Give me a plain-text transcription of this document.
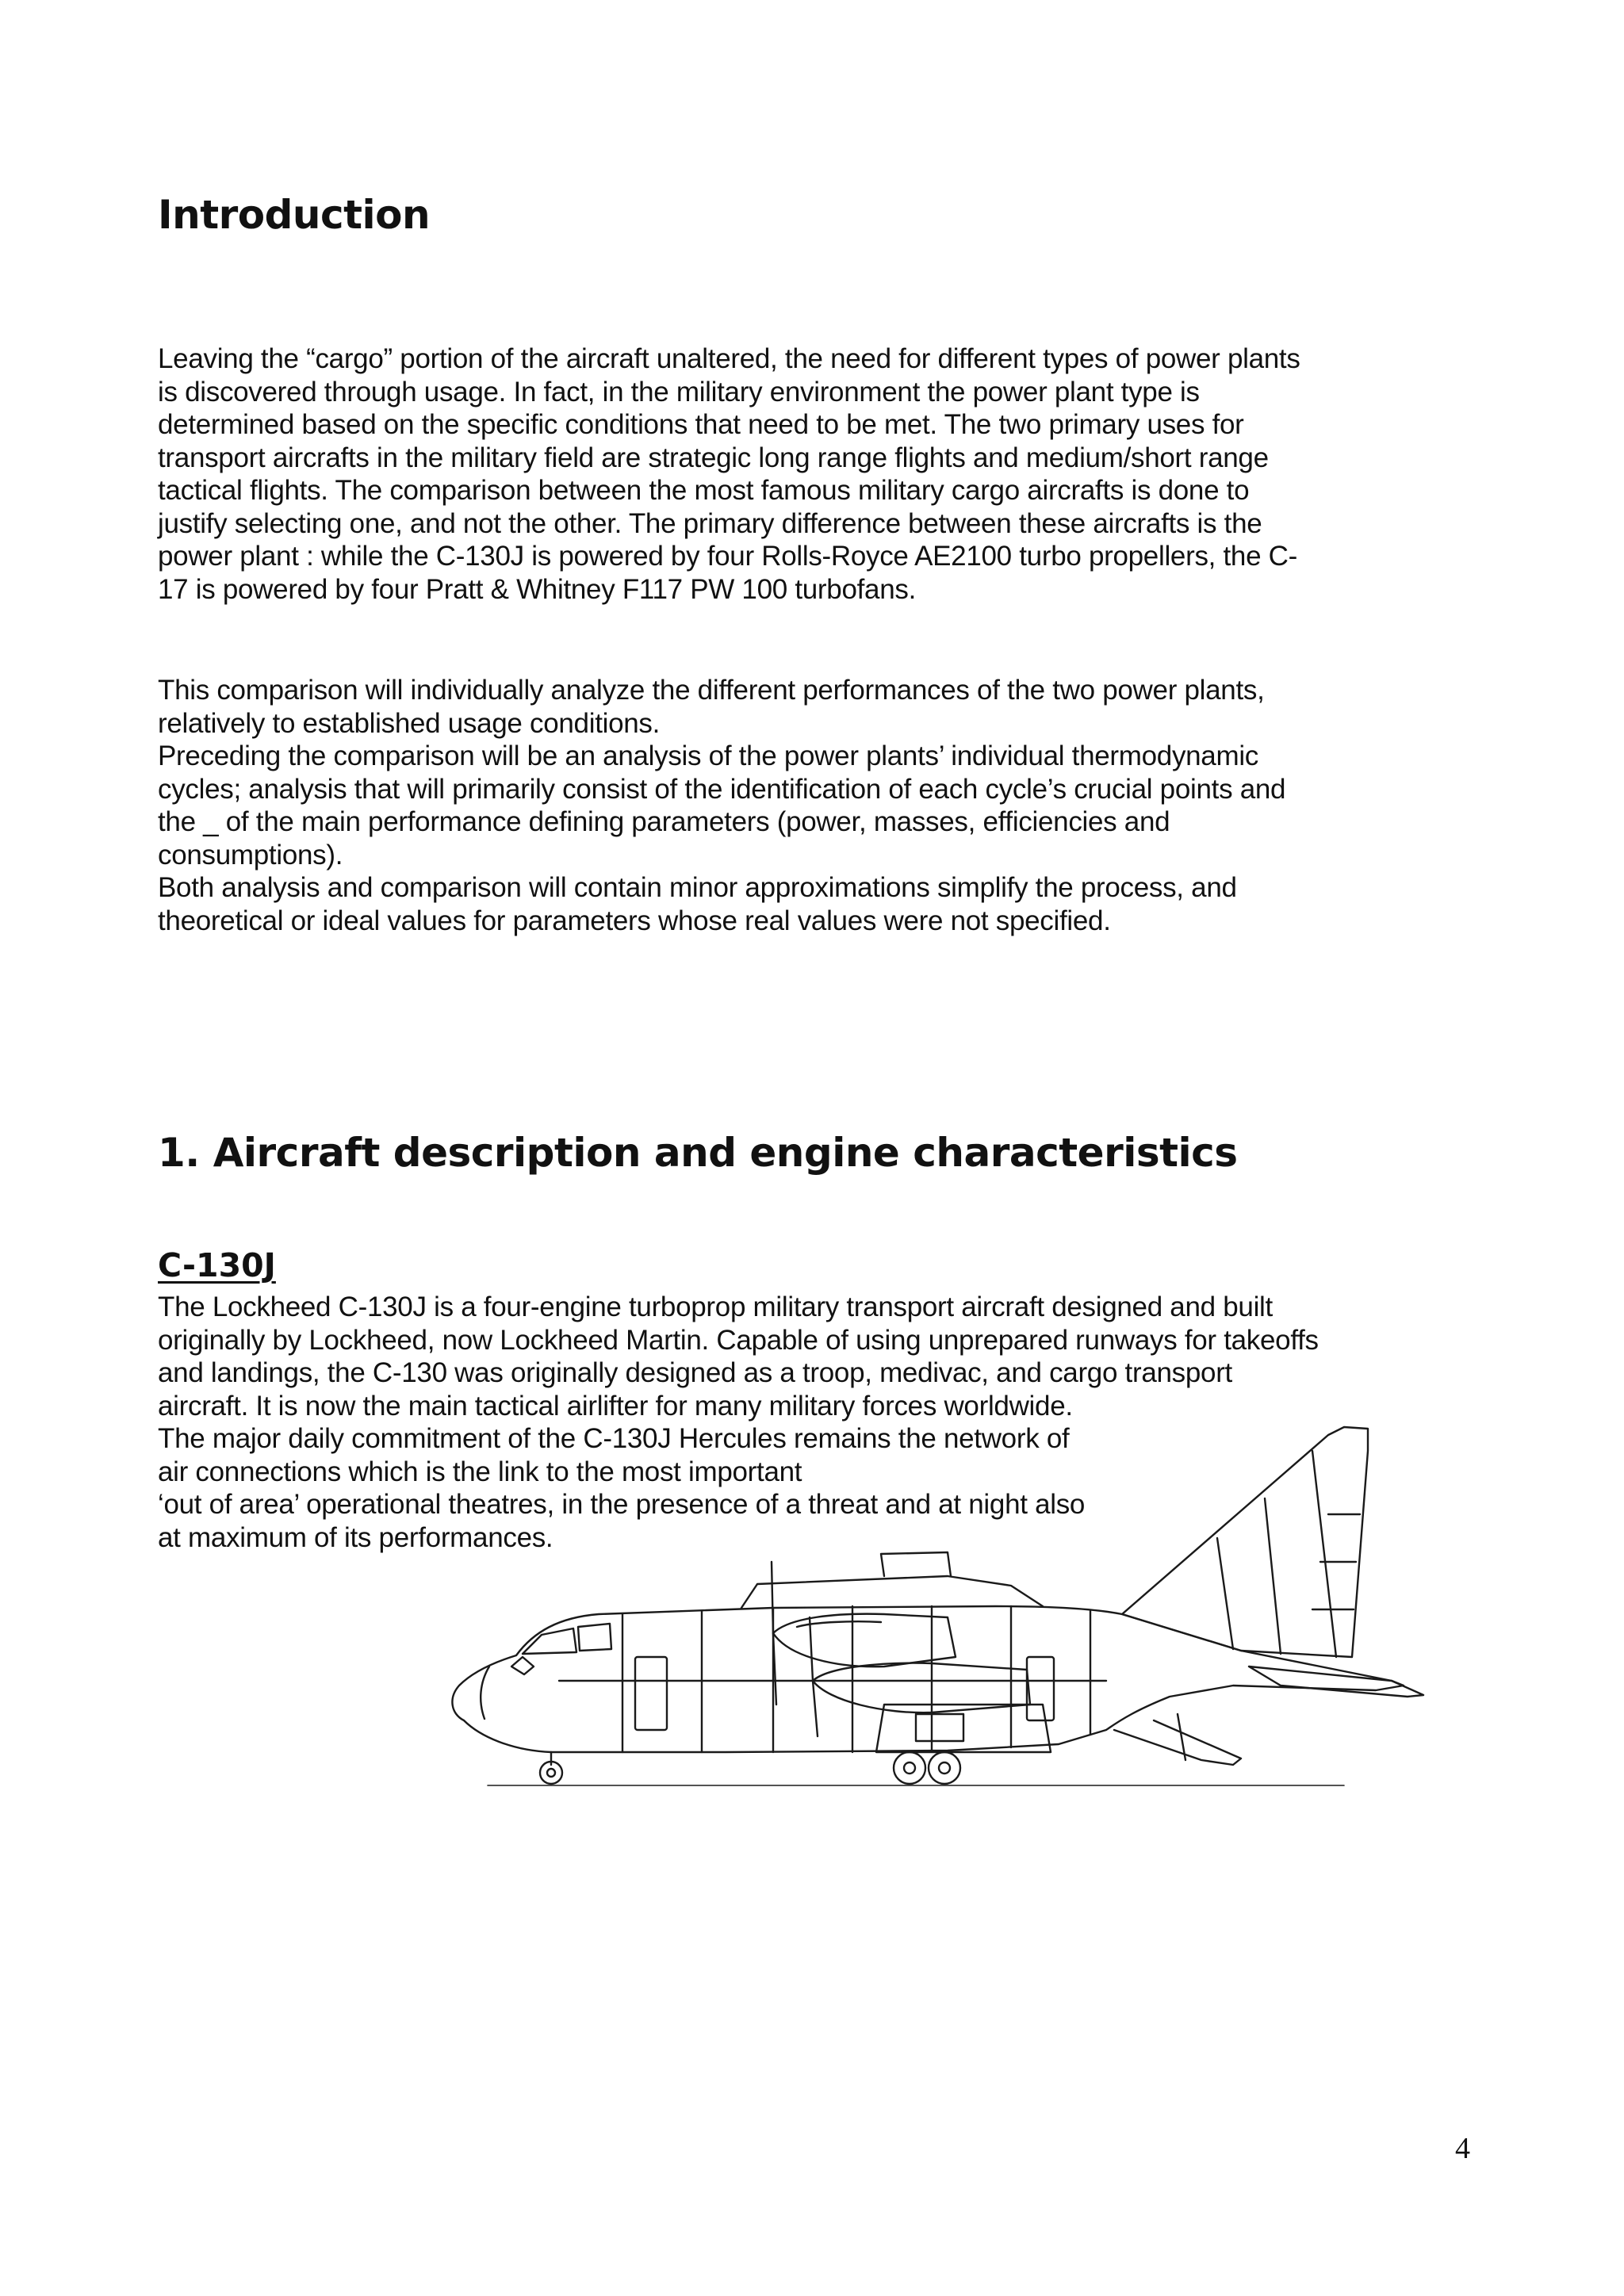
Introduction

Leaving the “cargo” portion of the aircraft unaltered, the need for different types of power plants
is discovered through usage. In fact, in the military environment the power plant type is
determined based on the specific conditions that need to be met. The two primary uses for
transport aircrafts in the military field are strategic long range flights and medium/short range
tactical flights. The comparison between the most famous military cargo aircrafts is done to
justify selecting one, and not the other. The primary difference between these aircrafts is the
power plant : while the C-130J is powered by four Rolls-Royce AE2100 turbo propellers, the C-
17 is powered by four Pratt & Whitney F117 PW 100 turbofans.

This comparison will individually analyze the different performances of the two power plants,
relatively to established usage conditions.
Preceding the comparison will be an analysis of the power plants’ individual thermodynamic
cycles; analysis that will primarily consist of the identification of each cycle’s crucial points and
the _ of the main performance defining parameters (power, masses, efficiencies and
consumptions).
Both analysis and comparison will contain minor approximations simplify the process, and
theoretical or ideal values for parameters whose real values were not specified.

1. Aircraft description and engine characteristics
C-130J

The Lockheed C-130J is a four-engine turboprop military transport aircraft designed and built
originally by Lockheed, now Lockheed Martin. Capable of using unprepared runways for takeoffs
and landings, the C-130 was originally designed as a troop, medivac, and cargo transport
aircraft. It is now the main tactical airlifter for many military forces worldwide.
The major daily commitment of the C-130J Hercules remains the network of
air connections which is the link to the most important
‘out of area’ operational theatres, in the presence of a threat and at night also
at maximum of its performances.

4
